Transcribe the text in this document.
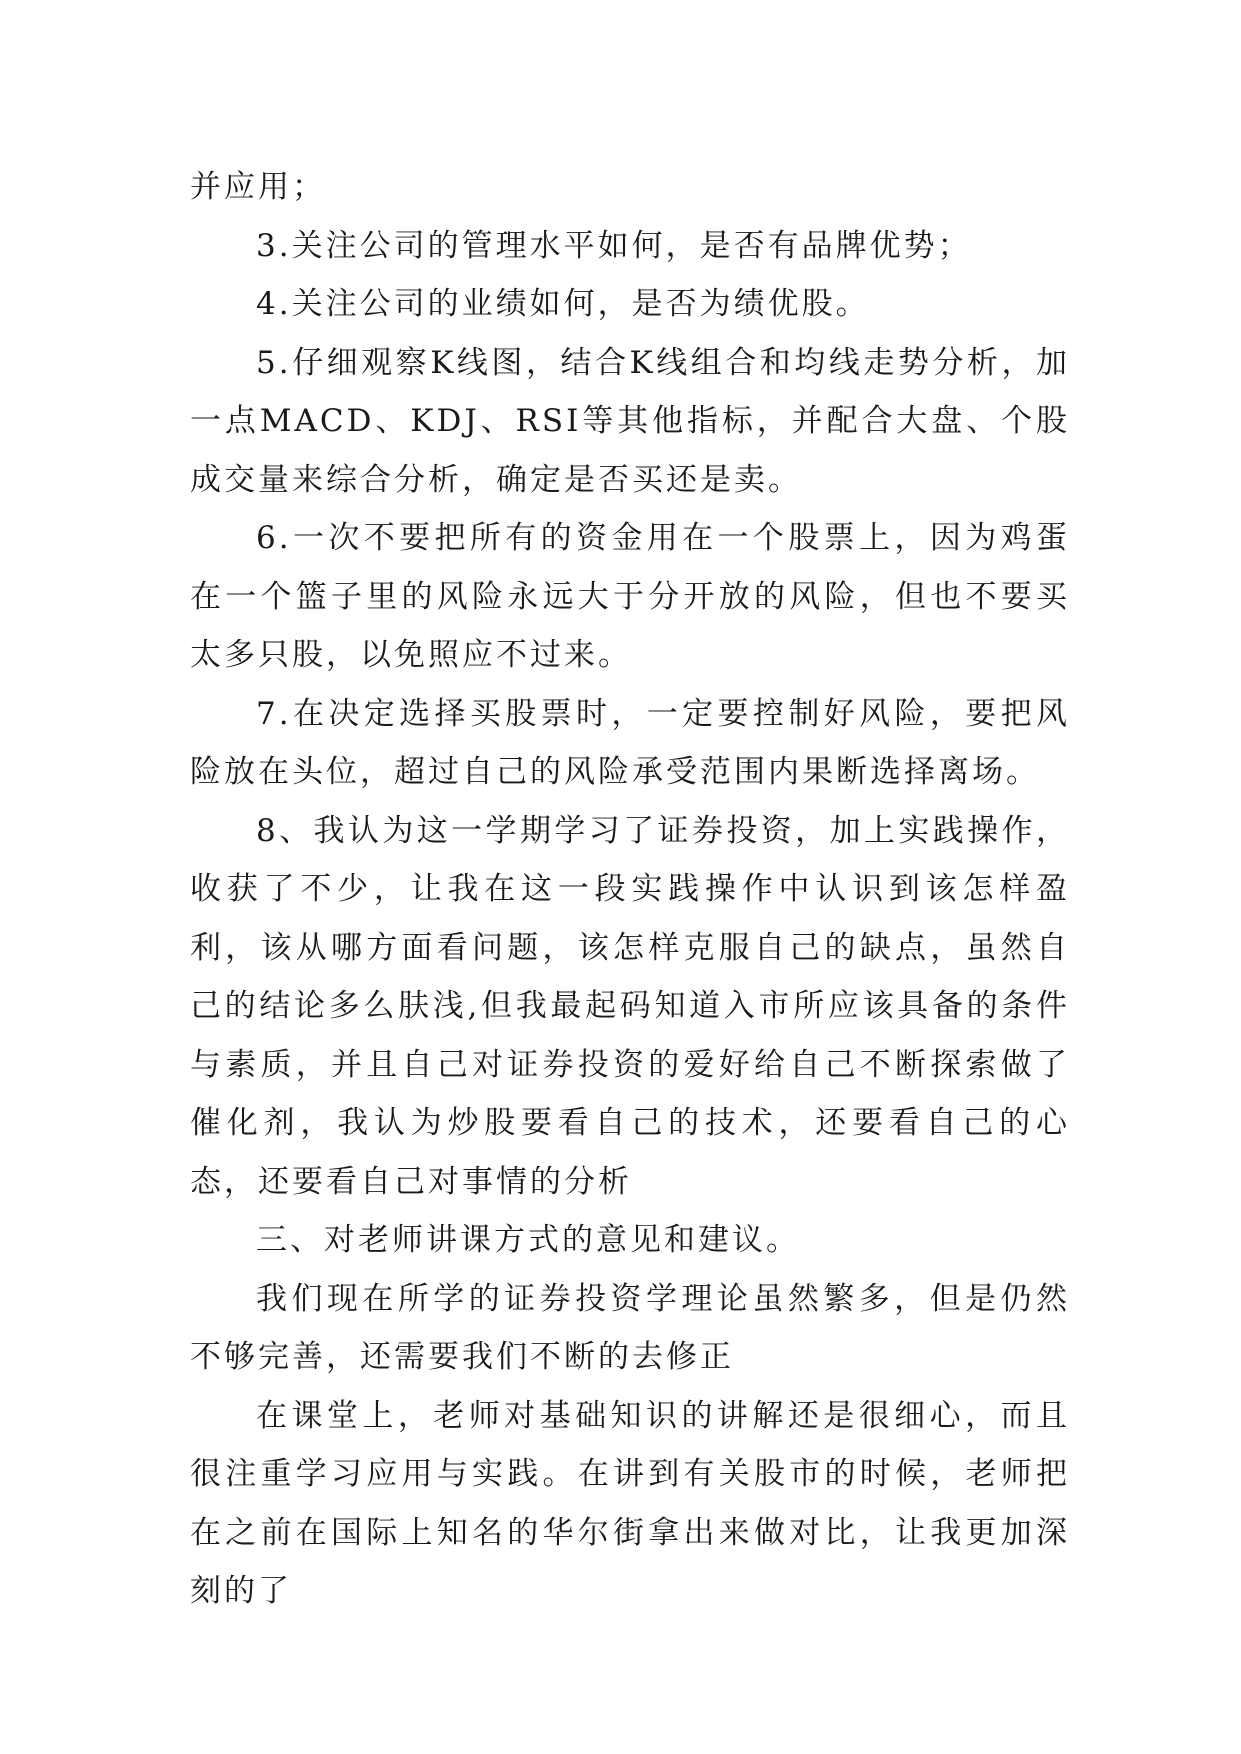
并应用；

3.关注公司的管理水平如何，是否有品牌优势；

4.关注公司的业绩如何，是否为绩优股。

5.仔细观察K线图，结合K线组合和均线走势分析，加一点MACD、KDJ、RSI等其他指标，并配合大盘、个股成交量来综合分析，确定是否买还是卖。

6.一次不要把所有的资金用在一个股票上，因为鸡蛋在一个篮子里的风险永远大于分开放的风险，但也不要买太多只股，以免照应不过来。

7.在决定选择买股票时，一定要控制好风险，要把风险放在头位，超过自己的风险承受范围内果断选择离场。

8、我认为这一学期学习了证券投资，加上实践操作，收获了不少，让我在这一段实践操作中认识到该怎样盈利，该从哪方面看问题，该怎样克服自己的缺点，虽然自己的结论多么肤浅,但我最起码知道入市所应该具备的条件与素质，并且自己对证券投资的爱好给自己不断探索做了催化剂，我认为炒股要看自己的技术，还要看自己的心态，还要看自己对事情的分析

三、对老师讲课方式的意见和建议。

我们现在所学的证券投资学理论虽然繁多，但是仍然不够完善，还需要我们不断的去修正

在课堂上，老师对基础知识的讲解还是很细心，而且很注重学习应用与实践。在讲到有关股市的时候，老师把在之前在国际上知名的华尔街拿出来做对比，让我更加深刻的了
